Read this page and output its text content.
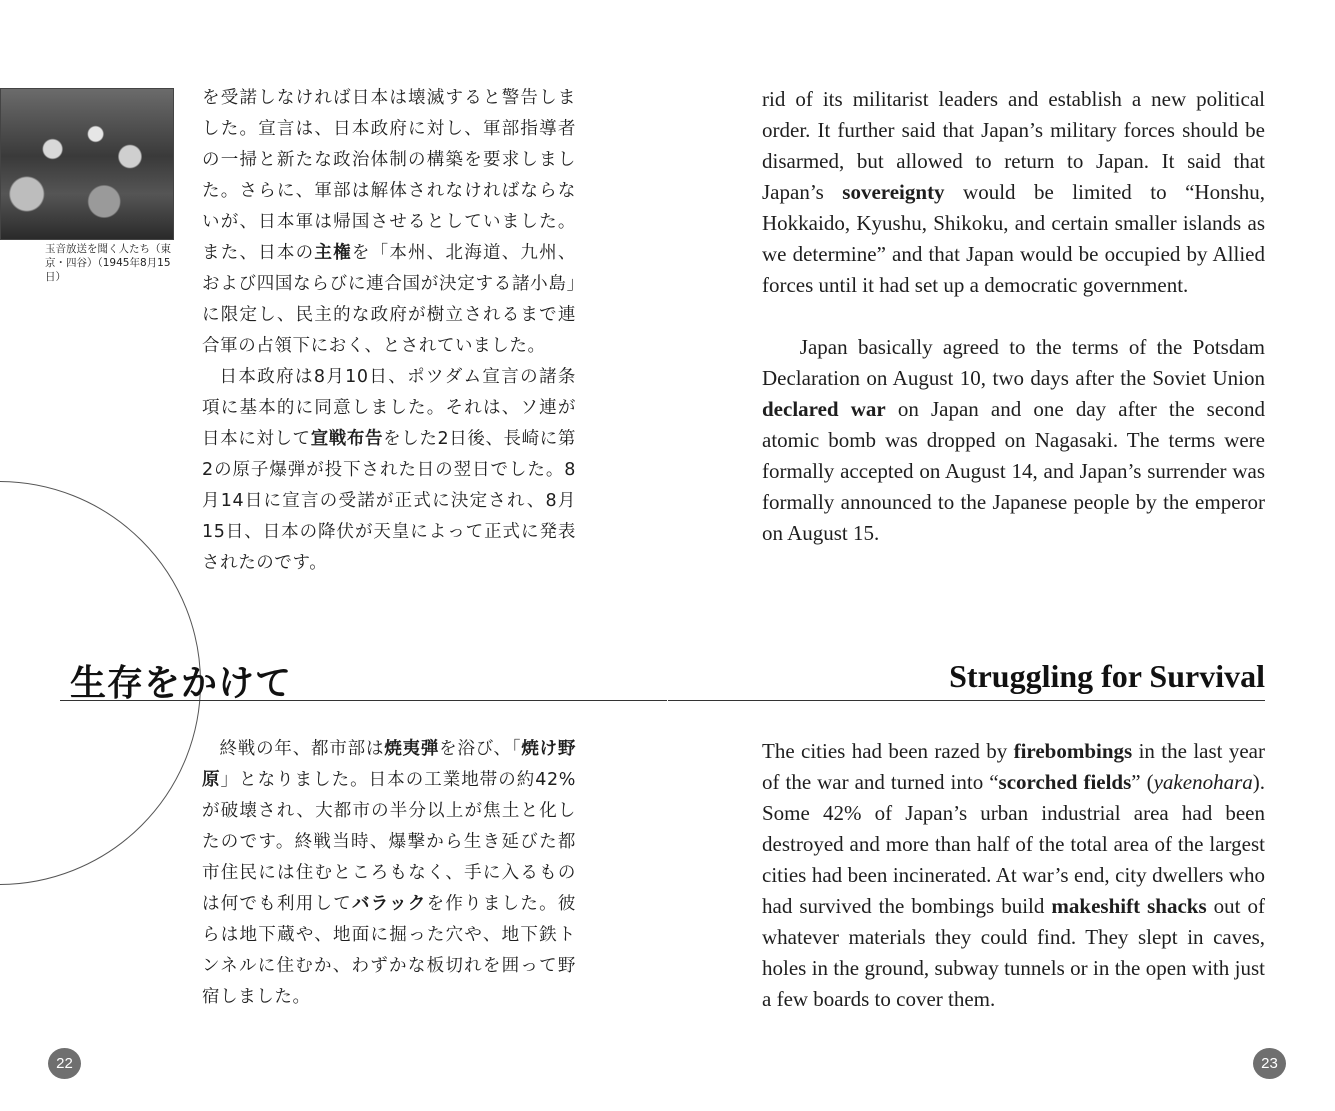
玉音放送を聞く人たち（東京・四谷）（1945年8月15日）

を受諾しなければ日本は壊滅すると警告しました。宣言は、日本政府に対し、軍部指導者の一掃と新たな政治体制の構築を要求しました。さらに、軍部は解体されなければならないが、日本軍は帰国させるとしていました。また、日本の主権を「本州、北海道、九州、および四国ならびに連合国が決定する諸小島」に限定し、民主的な政府が樹立されるまで連合軍の占領下におく、とされていました。

日本政府は8月10日、ポツダム宣言の諸条項に基本的に同意しました。それは、ソ連が日本に対して宣戦布告をした2日後、長崎に第2の原子爆弾が投下された日の翌日でした。8月14日に宣言の受諾が正式に決定され、8月15日、日本の降伏が天皇によって正式に発表されたのです。

生存をかけて

終戦の年、都市部は焼夷弾を浴び、「焼け野原」となりました。日本の工業地帯の約42%が破壊され、大都市の半分以上が焦土と化したのです。終戦当時、爆撃から生き延びた都市住民には住むところもなく、手に入るものは何でも利用してバラックを作りました。彼らは地下蔵や、地面に掘った穴や、地下鉄トンネルに住むか、わずかな板切れを囲って野宿しました。

22

rid of its militarist leaders and establish a new political order. It further said that Japan’s military forces should be disarmed, but allowed to return to Japan. It said that Japan’s sovereignty would be limited to “Honshu, Hokkaido, Kyushu, Shikoku, and certain smaller islands as we determine” and that Japan would be occupied by Allied forces until it had set up a democratic government.

Japan basically agreed to the terms of the Potsdam Declaration on August 10, two days after the Soviet Union declared war on Japan and one day after the second atomic bomb was dropped on Nagasaki. The terms were formally accepted on August 14, and Japan’s surrender was formally announced to the Japanese people by the emperor on August 15.

Struggling for Survival

The cities had been razed by firebombings in the last year of the war and turned into “scorched fields” (yakenohara). Some 42% of Japan’s urban industrial area had been destroyed and more than half of the total area of the largest cities had been incinerated. At war’s end, city dwellers who had survived the bombings build makeshift shacks out of whatever materials they could find. They slept in caves, holes in the ground, subway tunnels or in the open with just a few boards to cover them.

23
